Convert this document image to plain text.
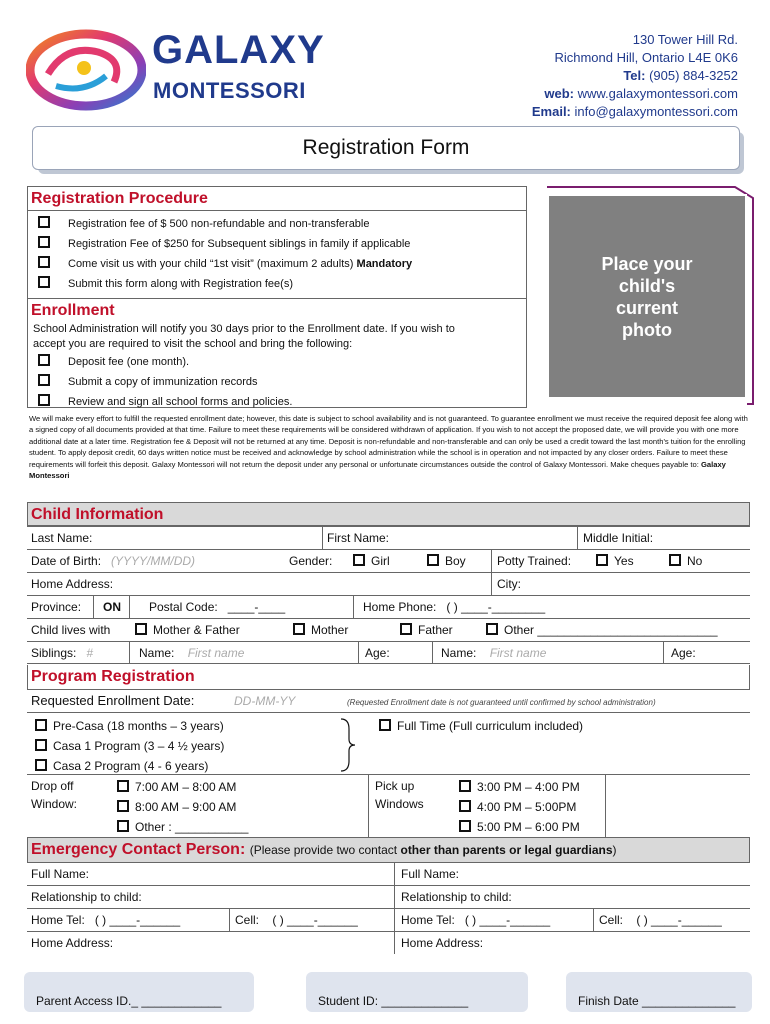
GALAXY
MONTESSORI
130 Tower Hill Rd.
Richmond Hill, Ontario L4E 0K6
Tel: (905) 884-3252
web: www.galaxymontessori.com
Email: info@galaxymontessori.com
Registration Form
Place your
child's
current
photo
Registration Procedure
Registration fee of $ 500 non-refundable and non-transferable
Registration Fee of $250 for Subsequent siblings in family if applicable
Come visit us with your child “1st visit” (maximum 2 adults) Mandatory
Submit this form along with Registration fee(s)
Enrollment
School Administration will notify you 30 days prior to the Enrollment date. If you wish to
accept you are required to visit the school and bring the following:
Deposit fee (one month).
Submit a copy of immunization records
Review and sign all school forms and policies.
We will make every effort to fulfill the requested enrollment date; however, this date is subject to school availability and is not guaranteed. To guarantee enrollment we must receive the required deposit fee along with a signed copy of all documents provided at that time. Failure to meet these requirements will be considered withdrawn of application. If you wish to not accept the proposed date, we will provide you with one more additional date at a later time. Registration fee & Deposit will not be returned at any time. Deposit is non-refundable and non-transferable and can only be used a credit toward the last month's tuition for the enrolling student. To apply deposit credit, 60 days written notice must be received and acknowledge by school administration while the school is in operation and not impacted by any closer orders. Failure to meet these requirements will forfeit this deposit. Galaxy Montessori will not return the deposit under any personal or unfortunate circumstances outside the control of Galaxy Montessori. Make cheques payable to: Galaxy Montessori
Child Information
Last Name:	First Name:	Middle Initial:
Date of Birth: (YYYY/MM/DD)	Gender:	Girl	Boy	Potty Trained:	Yes	No
Home Address:	City:
Province:	ON	Postal Code: ____-____	Home Phone: ( ) ____-________
Child lives with	Mother & Father	Mother	Father	Other ___________________________
Siblings: #	Name: First name	Age:	Name: First name	Age:
Program Registration
Requested Enrollment Date:	DD-MM-YY	(Requested Enrollment date is not guaranteed until confirmed by school administration)
Pre-Casa (18 months – 3 years)
Casa 1 Program (3 – 4 ½ years)
Casa 2 Program (4 - 6 years)
Full Time (Full curriculum included)
Drop off
Window:
7:00 AM – 8:00 AM
8:00 AM – 9:00 AM
Other : ___________
Pick up
Windows
3:00 PM – 4:00 PM
4:00 PM – 5:00PM
5:00 PM – 6:00 PM
Emergency Contact Person: (Please provide two contact other than parents or legal guardians)
Full Name:	Full Name:
Relationship to child:	Relationship to child:
Home Tel: ( ) ____-______	Cell: ( ) ____-______	Home Tel: ( ) ____-______	Cell: ( ) ____-______
Home Address:	Home Address:
Parent Access ID._ ____________	Student ID: _____________	Finish Date ______________
